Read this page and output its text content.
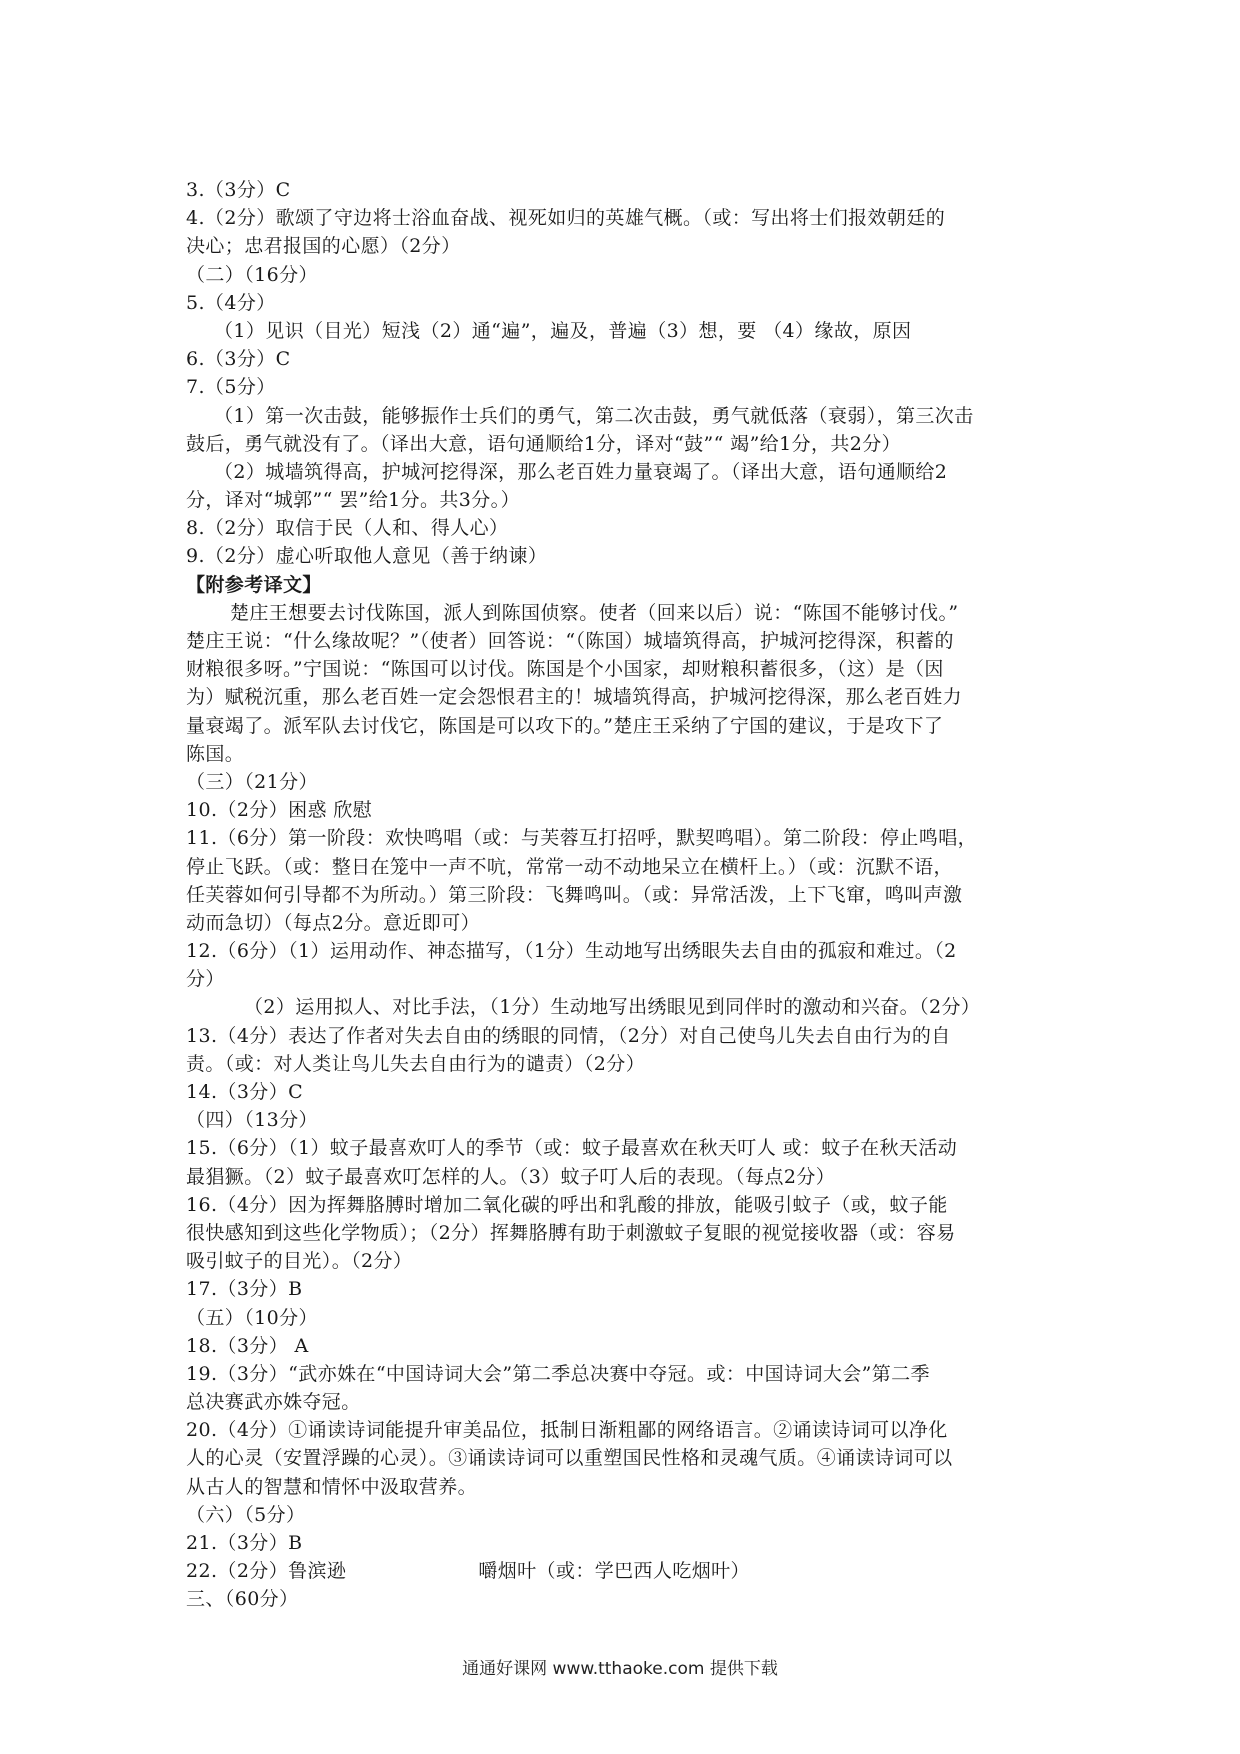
3.（3分）C
4.（2分）歌颂了守边将士浴血奋战、视死如归的英雄气概。（或：写出将士们报效朝廷的
决心；忠君报国的心愿）（2分）
（二）（16分）
5.（4分）
（1）见识（目光）短浅（2）通“遍”，遍及，普遍（3）想，要 （4）缘故，原因
6.（3分）C
7.（5分）
（1）第一次击鼓，能够振作士兵们的勇气，第二次击鼓，勇气就低落（衰弱），第三次击
鼓后，勇气就没有了。（译出大意，语句通顺给1分，译对“鼓”“ 竭”给1分，共2分）
（2）城墙筑得高，护城河挖得深，那么老百姓力量衰竭了。（译出大意，语句通顺给2
分，译对“城郭”“ 罢”给1分。共3分。）
8.（2分）取信于民（人和、得人心）
9.（2分）虚心听取他人意见（善于纳谏）
【附参考译文】
楚庄王想要去讨伐陈国，派人到陈国侦察。使者（回来以后）说：“陈国不能够讨伐。”
楚庄王说：“什么缘故呢？”（使者）回答说：“（陈国）城墙筑得高，护城河挖得深，积蓄的
财粮很多呀。”宁国说：“陈国可以讨伐。陈国是个小国家，却财粮积蓄很多，（这）是（因
为）赋税沉重，那么老百姓一定会怨恨君主的！城墙筑得高，护城河挖得深，那么老百姓力
量衰竭了。派军队去讨伐它，陈国是可以攻下的。”楚庄王采纳了宁国的建议，于是攻下了
陈国。
（三）（21分）
10.（2分）困惑 欣慰
11.（6分）第一阶段：欢快鸣唱（或：与芙蓉互打招呼，默契鸣唱）。第二阶段：停止鸣唱，
停止飞跃。（或：整日在笼中一声不吭，常常一动不动地呆立在横杆上。）（或：沉默不语，
任芙蓉如何引导都不为所动。）第三阶段：飞舞鸣叫。（或：异常活泼，上下飞窜，鸣叫声激
动而急切）（每点2分。意近即可）
12.（6分）（1）运用动作、神态描写，（1分）生动地写出绣眼失去自由的孤寂和难过。（2
分）
（2）运用拟人、对比手法，（1分）生动地写出绣眼见到同伴时的激动和兴奋。（2分）
13.（4分）表达了作者对失去自由的绣眼的同情，（2分）对自己使鸟儿失去自由行为的自
责。（或：对人类让鸟儿失去自由行为的谴责）（2分）
14.（3分）C
（四）（13分）
15.（6分）（1）蚊子最喜欢叮人的季节（或：蚊子最喜欢在秋天叮人 或：蚊子在秋天活动
最猖獗。（2）蚊子最喜欢叮怎样的人。（3）蚊子叮人后的表现。（每点2分）
16.（4分）因为挥舞胳膊时增加二氧化碳的呼出和乳酸的排放，能吸引蚊子（或，蚊子能
很快感知到这些化学物质）；（2分）挥舞胳膊有助于刺激蚊子复眼的视觉接收器（或：容易
吸引蚊子的目光）。（2分）
17.（3分）B
（五）（10分）
18.（3分） A
19.（3分）“武亦姝在“中国诗词大会”第二季总决赛中夺冠。或：中国诗词大会”第二季
总决赛武亦姝夺冠。
20.（4分）①诵读诗词能提升审美品位，抵制日渐粗鄙的网络语言。②诵读诗词可以净化
人的心灵（安置浮躁的心灵）。③诵读诗词可以重塑国民性格和灵魂气质。④诵读诗词可以
从古人的智慧和情怀中汲取营养。
（六）（5分）
21.（3分）B
22.（2分）鲁滨逊	嚼烟叶（或：学巴西人吃烟叶）
三、（60分）
通通好课网 www.tthaoke.com 提供下载
